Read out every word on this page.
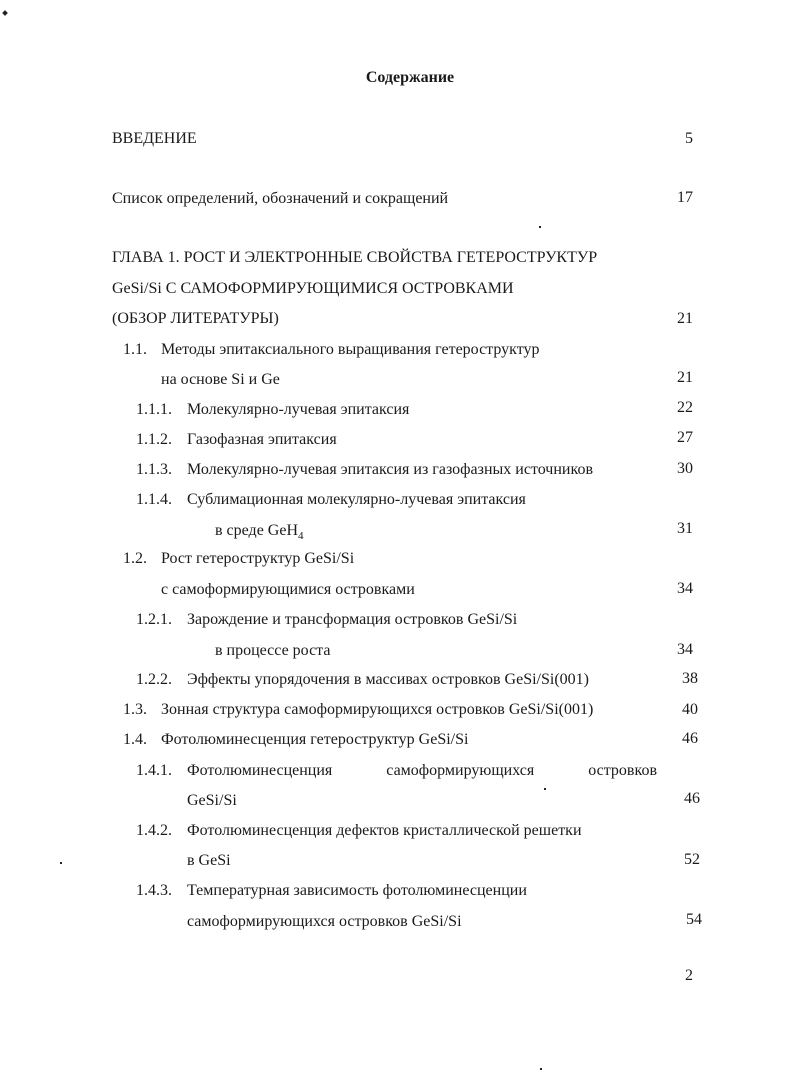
Содержание
ВВЕДЕНИЕ	5
Список определений, обозначений и сокращений	17
ГЛАВА 1. РОСТ И ЭЛЕКТРОННЫЕ СВОЙСТВА ГЕТЕРОСТРУКТУР
GeSi/Si С САМОФОРМИРУЮЩИМИСЯ ОСТРОВКАМИ
(ОБЗОР ЛИТЕРАТУРЫ)	21
1.1. Методы эпитаксиального выращивания гетероструктур
на основе Si и Ge	21
1.1.1. Молекулярно-лучевая эпитаксия	22
1.1.2. Газофазная эпитаксия	27
1.1.3. Молекулярно-лучевая эпитаксия из газофазных источников	30
1.1.4. Сублимационная молекулярно-лучевая эпитаксия
в среде GeH$_4$	31
1.2. Рост гетероструктур GeSi/Si
с самоформирующимися островками	34
1.2.1. Зарождение и трансформация островков GeSi/Si
в процессе роста	34
1.2.2. Эффекты упорядочения в массивах островков GeSi/Si(001)	38
1.3. Зонная структура самоформирующихся островков GeSi/Si(001)	40
1.4. Фотолюминесценция гетероструктур GeSi/Si	46
1.4.1. Фотолюминесценция	самоформирующихся	островков
GeSi/Si	46
1.4.2. Фотолюминесценция дефектов кристаллической решетки
в GeSi	52
1.4.3. Температурная зависимость фотолюминесценции
самоформирующихся островков GeSi/Si	54
2
